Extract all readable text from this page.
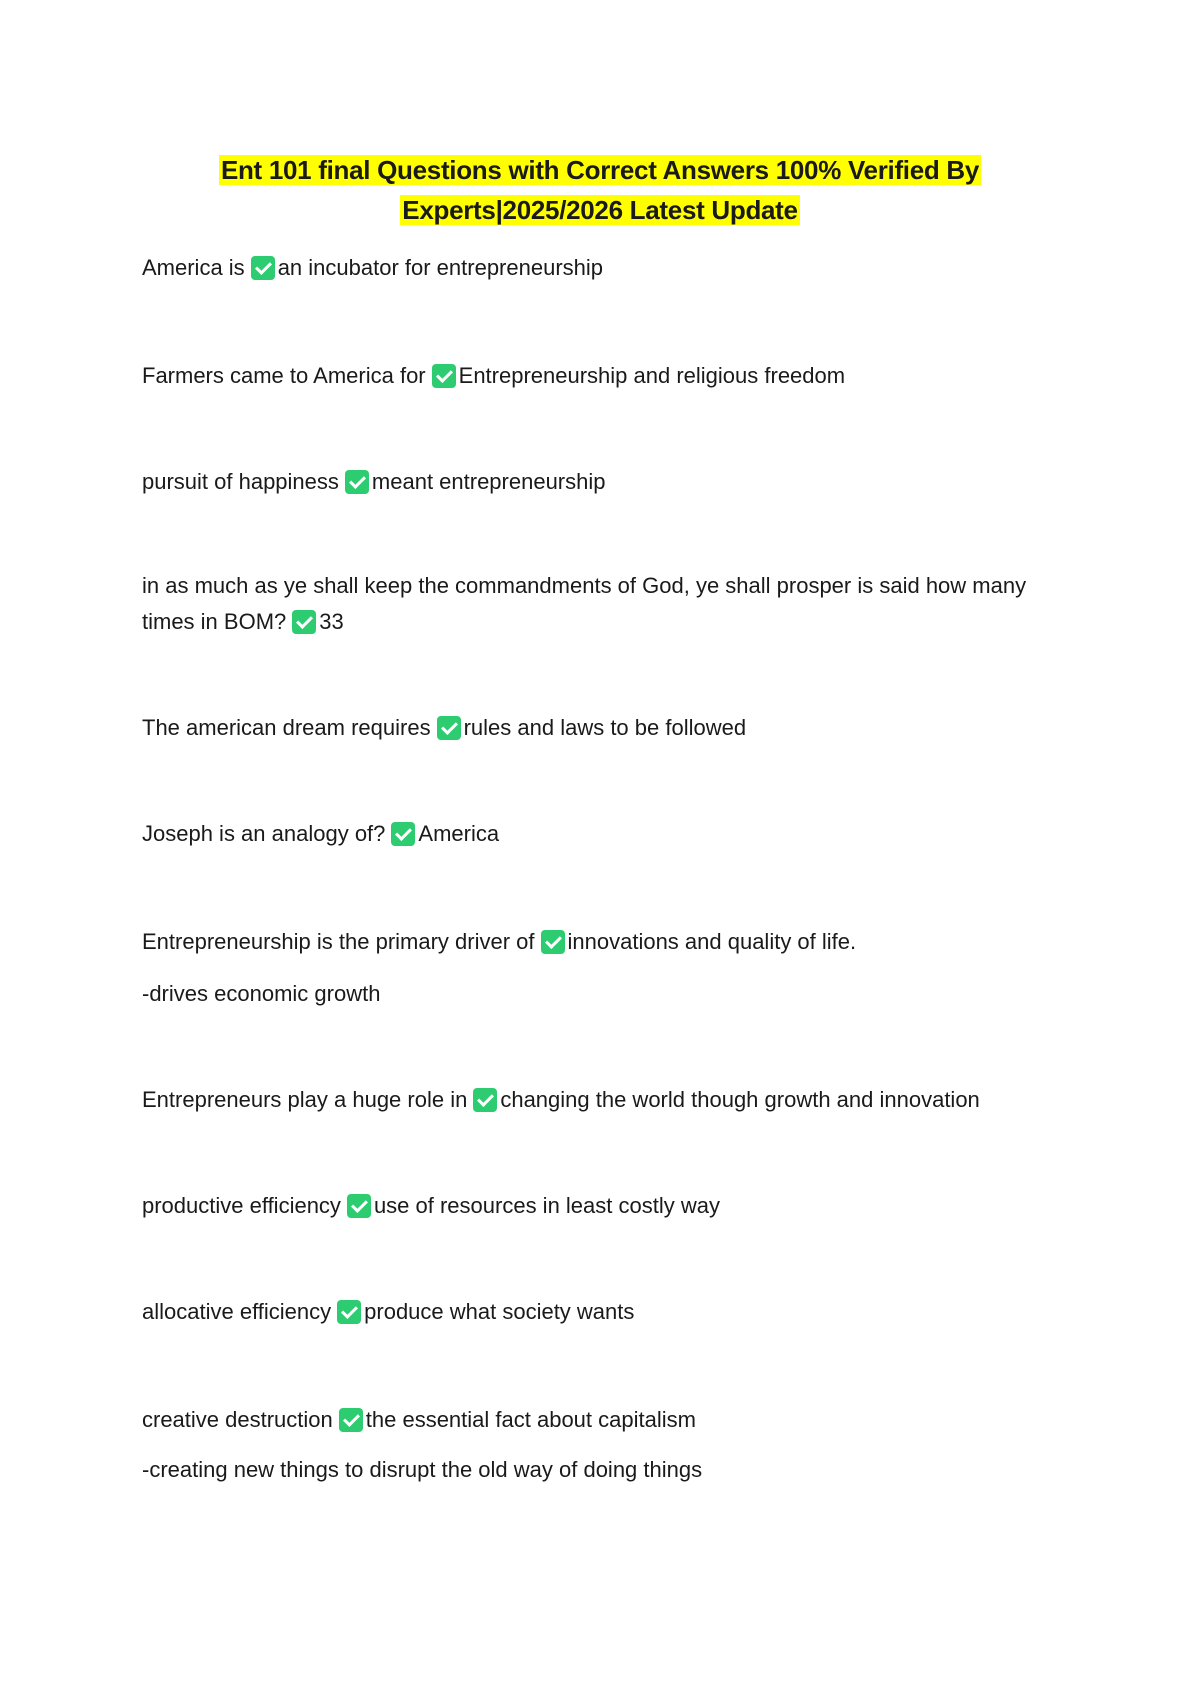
Ent 101 final Questions with Correct Answers 100% Verified By
Experts|2025/2026 Latest Update
America is an incubator for entrepreneurship
Farmers came to America for Entrepreneurship and religious freedom
pursuit of happiness meant entrepreneurship
in as much as ye shall keep the commandments of God, ye shall prosper is said how many times in BOM? 33
The american dream requires rules and laws to be followed
Joseph is an analogy of? America
Entrepreneurship is the primary driver of innovations and quality of life.
-drives economic growth
Entrepreneurs play a huge role in changing the world though growth and innovation
productive efficiency use of resources in least costly way
allocative efficiency produce what society wants
creative destruction the essential fact about capitalism
-creating new things to disrupt the old way of doing things
